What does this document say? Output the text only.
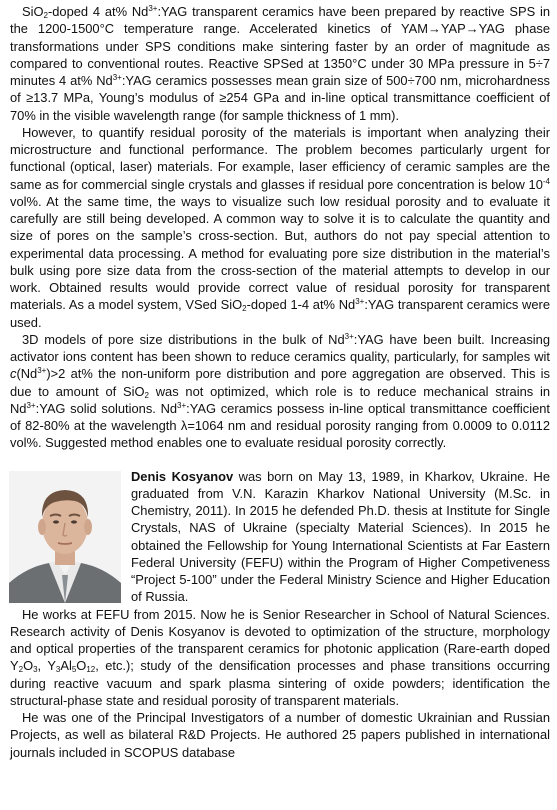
SiO$_2$-doped 4 at% $Nd^{3+}:YAG$ transparent ceramics have been prepared by reactive SPS in the 1200-1500°C temperature range. Accelerated kinetics of YAM→YAP→YAG phase transformations under SPS conditions make sintering faster by an order of magnitude as compared to conventional routes. Reactive SPSed at 1350°C under 30 MPa pressure in 5÷7 minutes 4 at% $Nd^{3+}:YAG$ ceramics possesses mean grain size of 500÷700 nm, microhardness of ≥13.7 MPa, Young’s modulus of ≥254 GPa and in-line optical transmittance coefficient of 70% in the visible wavelength range (for sample thickness of 1 mm).

However, to quantify residual porosity of the materials is important when analyzing their microstructure and functional performance. The problem becomes particularly urgent for functional (optical, laser) materials. For example, laser efficiency of ceramic samples are the same as for commercial single crystals and glasses if residual pore concentration is below $10^{-4}$ vol%. At the same time, the ways to visualize such low residual porosity and to evaluate it carefully are still being developed. A common way to solve it is to calculate the quantity and size of pores on the sample’s cross-section. But, authors do not pay special attention to experimental data processing. A method for evaluating pore size distribution in the material’s bulk using pore size data from the cross-section of the material attempts to develop in our work. Obtained results would provide correct value of residual porosity for transparent materials. As a model system, VSed SiO$_2$-doped 1-4 at% $Nd^{3+}:YAG$ transparent ceramics were used.

3D models of pore size distributions in the bulk of $Nd^{3+}:YAG$ have been built. Increasing activator ions content has been shown to reduce ceramics quality, particularly, for samples wit $c(Nd^{3+})>2$ at% the non-uniform pore distribution and pore aggregation are observed. This is due to amount of SiO$_2$ was not optimized, which role is to reduce mechanical strains in $Nd^{3+}:YAG$ solid solutions. $Nd^{3+}:YAG$ ceramics possess in-line optical transmittance coefficient of 82-80% at the wavelength λ=1064 nm and residual porosity ranging from 0.0009 to 0.0112 vol%. Suggested method enables one to evaluate residual porosity correctly.

Denis Kosyanov was born on May 13, 1989, in Kharkov, Ukraine. He graduated from V.N. Karazin Kharkov National University (M.Sc. in Chemistry, 2011). In 2015 he defended Ph.D. thesis at Institute for Single Crystals, NAS of Ukraine (specialty Material Sciences). In 2015 he obtained the Fellowship for Young International Scientists at Far Eastern Federal University (FEFU) within the Program of Higher Competiveness “Project 5-100” under the Federal Ministry Science and Higher Education of Russia.

He works at FEFU from 2015. Now he is Senior Researcher in School of Natural Sciences. Research activity of Denis Kosyanov is devoted to optimization of the structure, morphology and optical properties of the transparent ceramics for photonic application (Rare-earth doped $Y_2O_3$, $Y_3Al_5O_{12}$, etc.); study of the densification processes and phase transitions occurring during reactive vacuum and spark plasma sintering of oxide powders; identification the structural-phase state and residual porosity of transparent materials.

He was one of the Principal Investigators of a number of domestic Ukrainian and Russian Projects, as well as bilateral R&D Projects. He authored 25 papers published in international journals included in SCOPUS database
